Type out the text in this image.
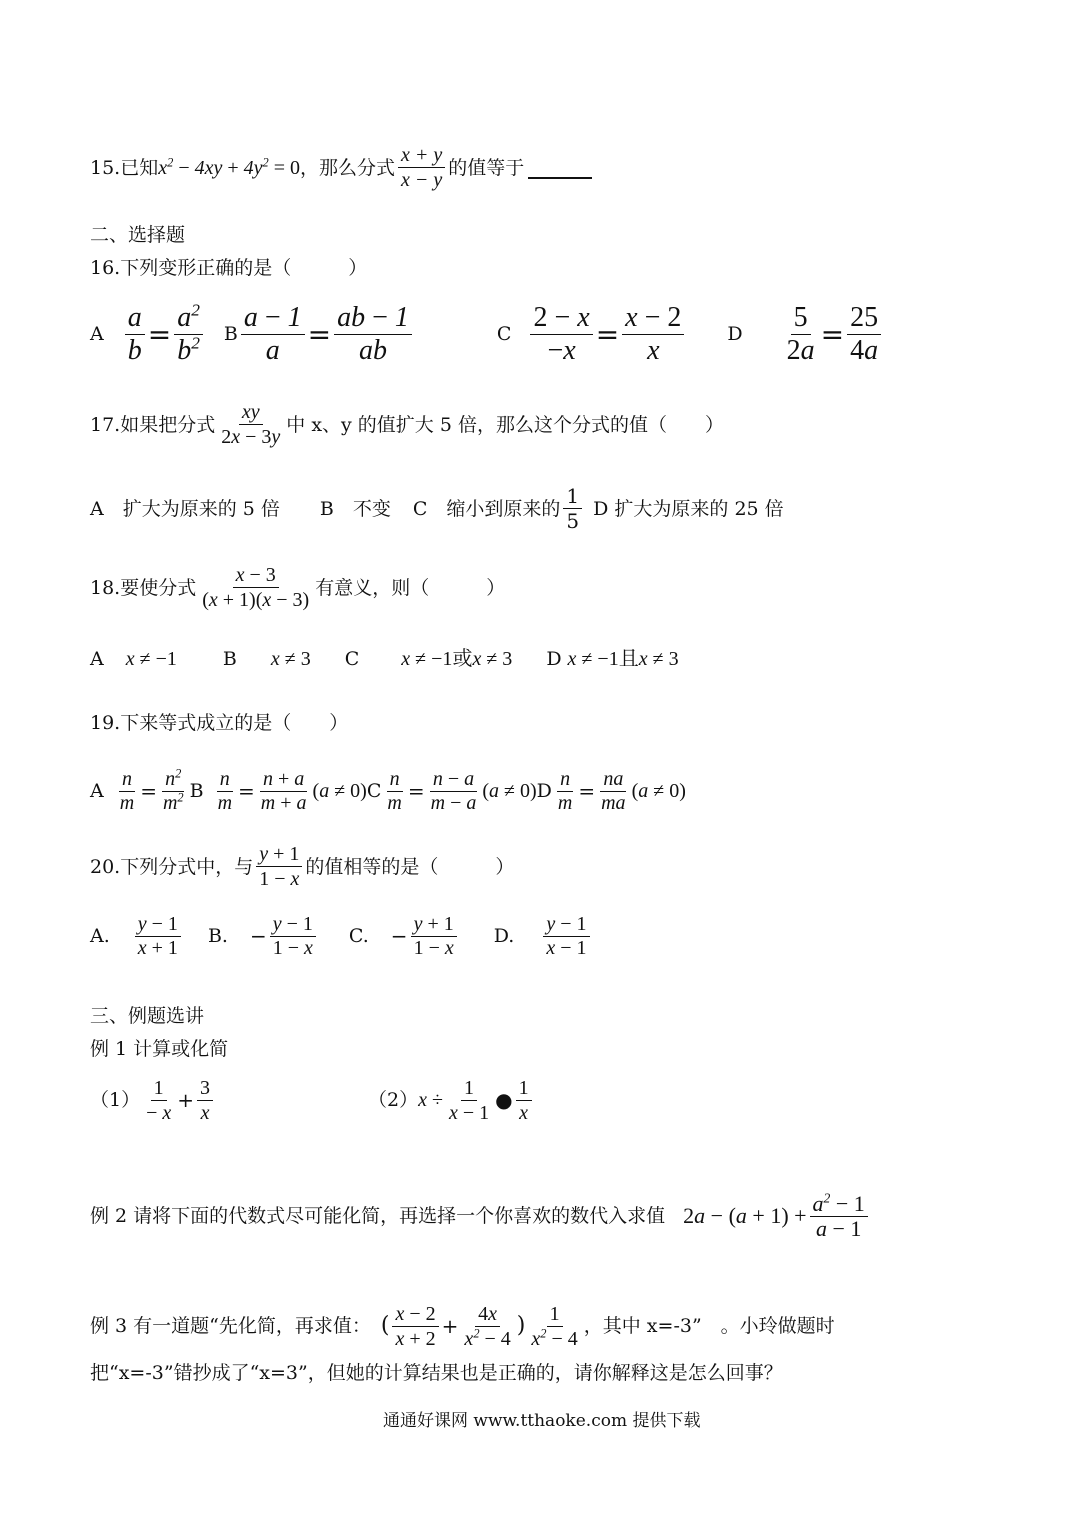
15.已知 $x^2 - 4xy + 4y^2 = 0$ ，那么分式 $\frac{x + y}{x - y}$ 的值等于
二、选择题
16.下列变形正确的是（　　　）
A $\frac{a}{b} = \frac{a^2}{b^2}$ B $\frac{a - 1}{a} = \frac{ab - 1}{ab}$	C $\frac{2 - x}{-x} = \frac{x - 2}{x}$ D $\frac{5}{2a} = \frac{25}{4a}$
17.如果把分式 $\frac{xy}{2x - 3y}$ 中 x、y 的值扩大 5 倍，那么这个分式的值（　　）
A　扩大为原来的 5 倍 B　不变 C　缩小到原来的 $\frac{1}{5}$ D 扩大为原来的 25 倍
18.要使分式 $\frac{x - 3}{(x + 1)(x - 3)}$ 有意义，则（　　　）
A x ≠ −1 B x ≠ 3 C x ≠ −1或x ≠ 3 D x ≠ −1且x ≠ 3
19.下来等式成立的是（　　）
A $\frac{n}{m} = \frac{n^2}{m^2}$ B $\frac{n}{m} = \frac{n + a}{m + a} (a \ne 0)$ C $\frac{n}{m} = \frac{n - a}{m - a} (a \ne 0)$ D $\frac{n}{m} = \frac{na}{ma} (a \ne 0)$
20.下列分式中，与 $\frac{y + 1}{1 - x}$ 的值相等的是（　　　）
A. $\frac{y - 1}{x + 1} B$. − $\frac{y - 1}{1 - x} C$. − $\frac{y + 1}{1 - x} D$. $\frac{y - 1}{x - 1}$
三、例题选讲
例 1 计算或化简
$(1) \frac{1}{- x} + \frac{3}{x}$	（2） $x \div \frac{1}{x - 1}$ ● $\frac{1}{x}$
例 2 请将下面的代数式尽可能化简，再选择一个你喜欢的数代入求值 $2a - (a + 1) + \frac{a^2 - 1}{a - 1}$
例 3 有一道题“先化简，再求值： ( $\frac{x - 2}{x + 2} + \frac{4x}{x^2 - 4}$ ) $\frac{1}{x^2 - 4}$ ，其中 x=-3”　。小玲做题时
把“x=-3”错抄成了“x=3”，但她的计算结果也是正确的，请你解释这是怎么回事？
通通好课网 www.tthaoke.com 提供下载
